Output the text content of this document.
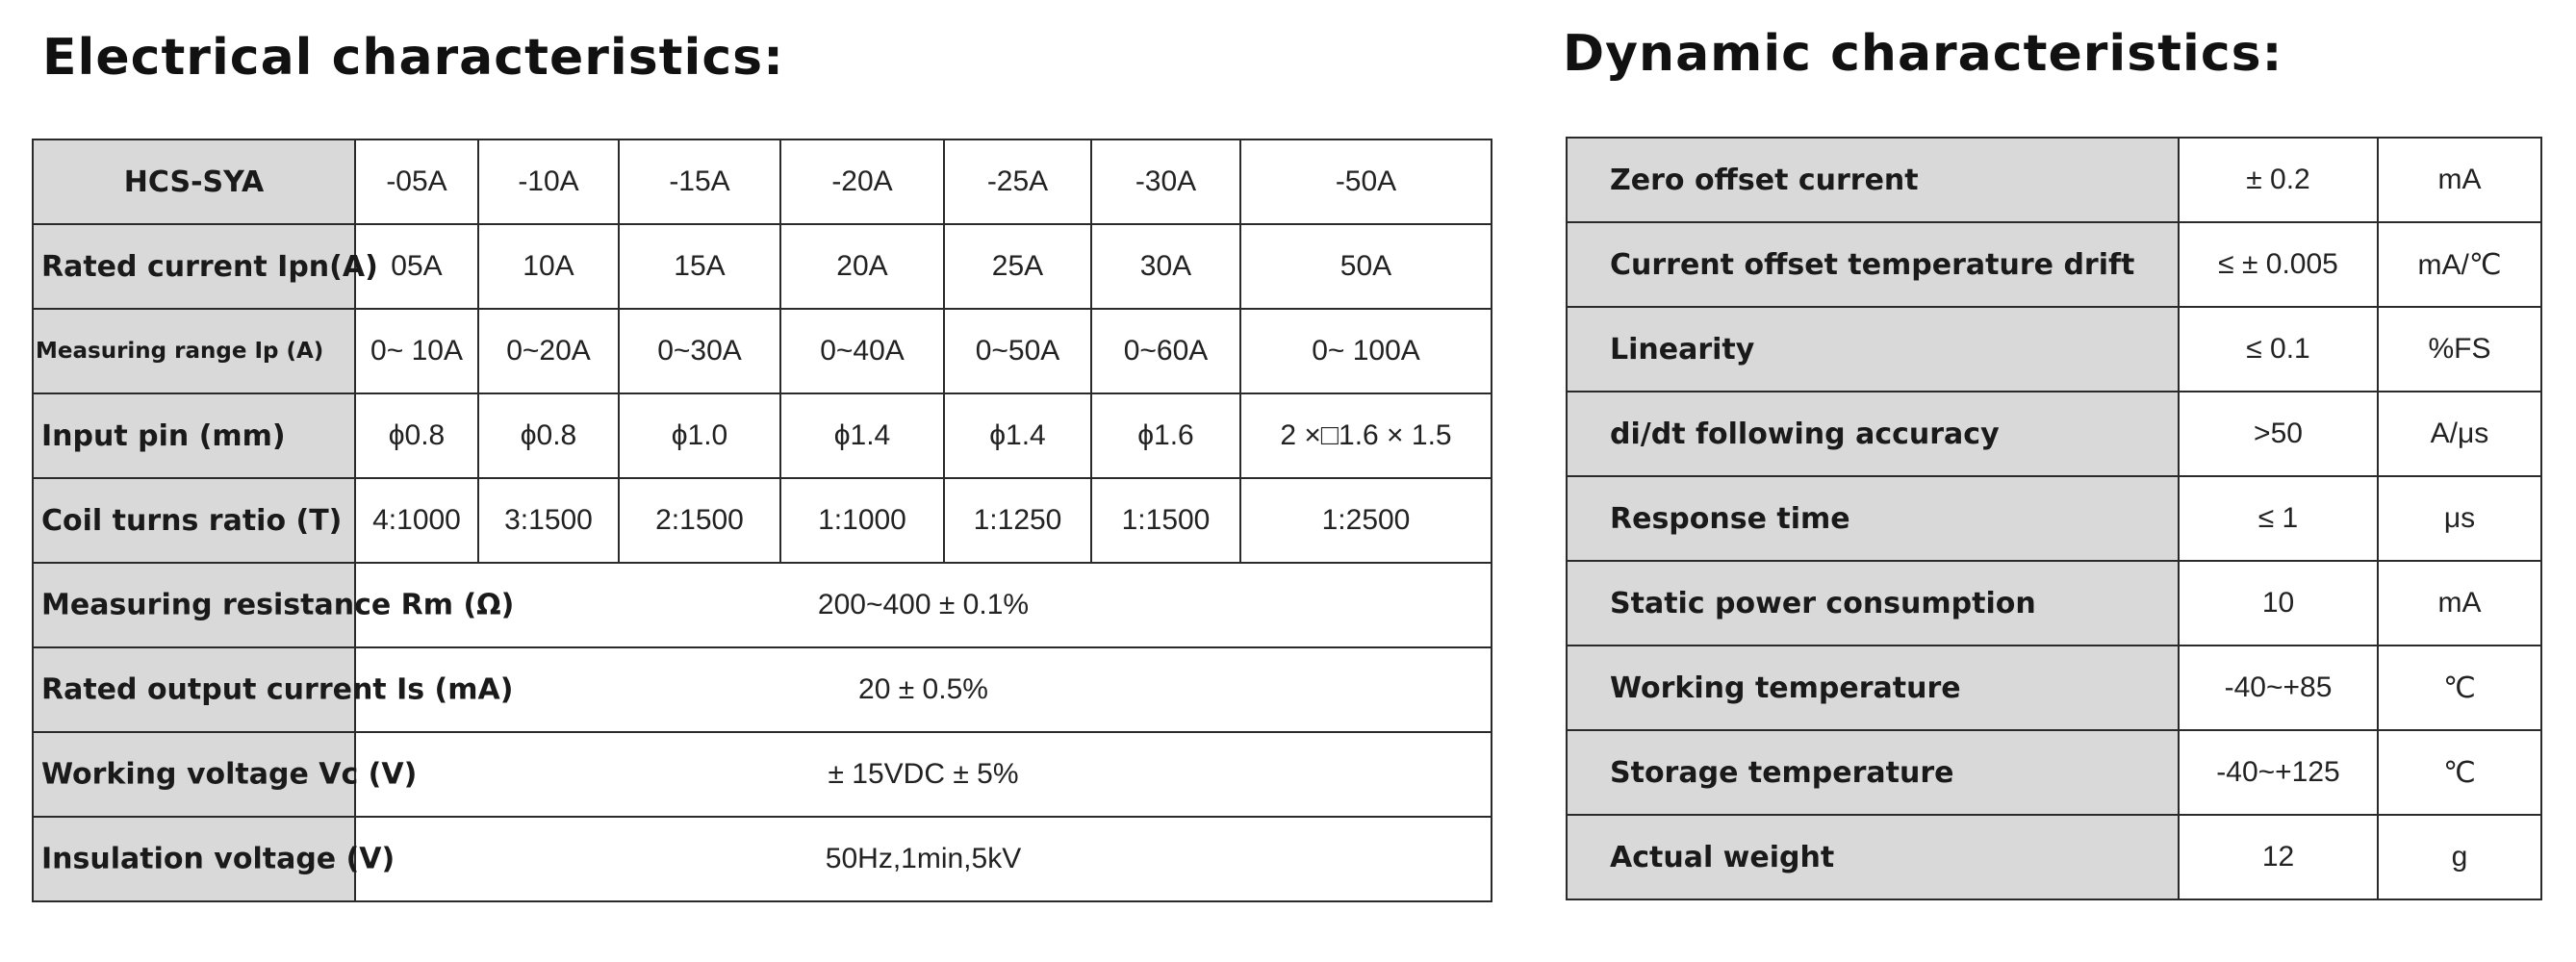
Electrical characteristics:	Dynamic characteristics:
HCS-SYA	-05A	-10A	-15A	-20A	-25A	-30A	-50A
Rated current Ipn(A)	05A	10A	15A	20A	25A	30A	50A
Measuring range Ip (A)	0~ 10A	0~20A	0~30A	0~40A	0~50A	0~60A	0~ 100A
Input pin (mm)	ϕ0.8	ϕ0.8	ϕ1.0	ϕ1.4	ϕ1.4	ϕ1.6	2 ×□1.6 × 1.5
Coil turns ratio (T)	4:1000	3:1500	2:1500	1:1000	1:1250	1:1500	1:2500

Measuring resistance Rm (Ω)	200~400 ± 0.1%						

Rated output current Is (mA)	20 ± 0.5%						

Working voltage Vc (V)	± 15VDC ± 5%						

Insulation voltage (V)	50Hz,1min,5kV						
Zero offset current	± 0.2	mA
Current offset temperature drift	≤ ± 0.005	mA/℃
Linearity	≤ 0.1	%FS
di/dt following accuracy	>50	A/μs
Response time	≤ 1	μs
Static power consumption	10	mA
Working temperature	-40~+85	℃
Storage temperature	-40~+125	℃
Actual weight	12	g
